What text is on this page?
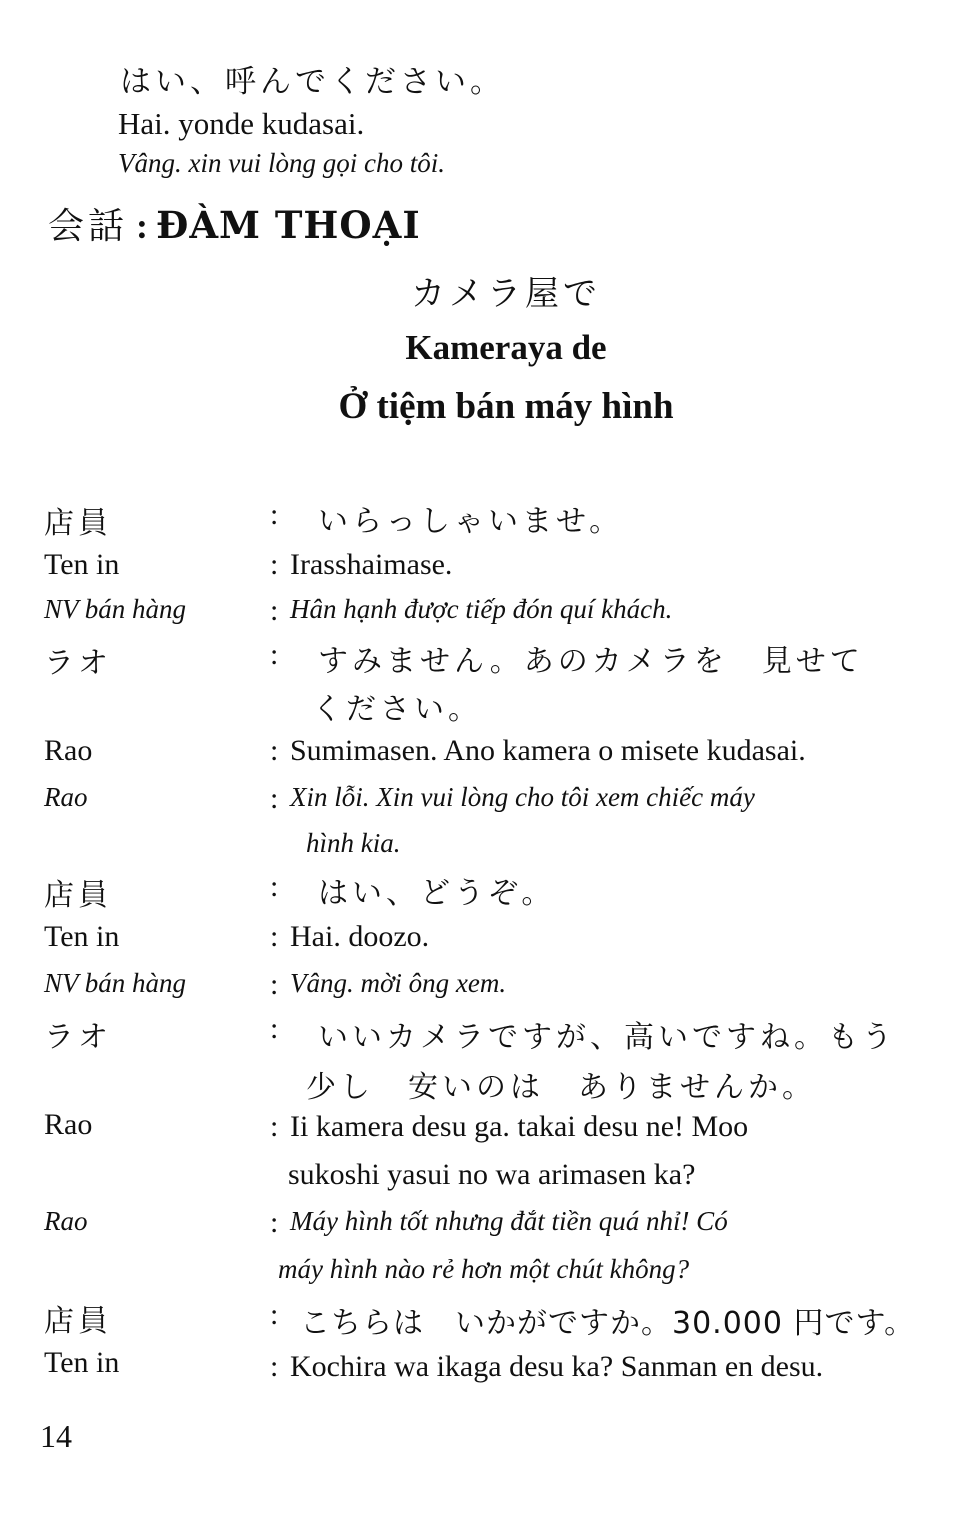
はい、呼んでください。
Hai. yonde kudasai.
Vâng. xin vui lòng gọi cho tôi.
会話 : ĐÀM THOẠI
カメラ屋で
Kameraya de
Ở tiệm bán máy hình
店員	: いらっしゃいませ。
Ten in	: Irasshaimase.
NV bán hàng	: Hân hạnh được tiếp đón quí khách.
ラオ	: すみません。あのカメラを　見せて
ください。
Rao	: Sumimasen. Ano kamera o misete kudasai.
Rao	: Xin lỗi. Xin vui lòng cho tôi xem chiếc máy
hình kia.
店員	: はい、どうぞ。
Ten in	: Hai. doozo.
NV bán hàng	: Vâng. mời ông xem.
ラオ	: いいカメラですが、高いですね。もう
少し　安いのは　ありませんか。
Rao	: Ii kamera desu ga. takai desu ne! Moo
sukoshi yasui no wa arimasen ka?
Rao	: Máy hình tốt nhưng đắt tiền quá nhỉ! Có
máy hình nào rẻ hơn một chút không?
店員	: こちらは　いかがですか。30.000 円です。
Ten in	: Kochira wa ikaga desu ka? Sanman en desu.
14
